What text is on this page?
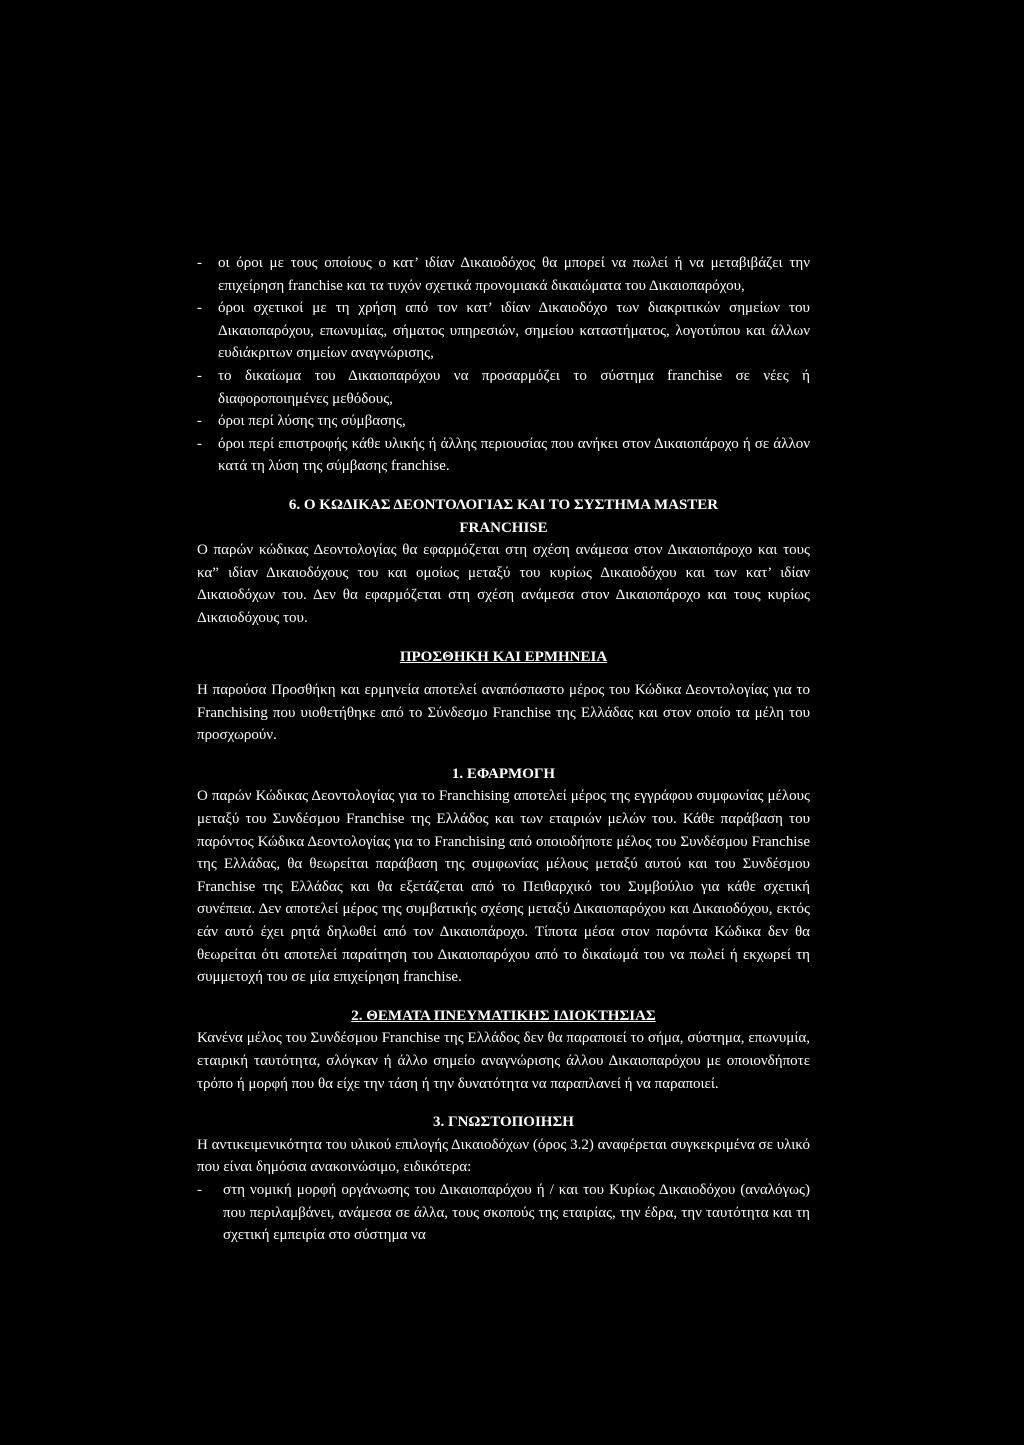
- οι όροι με τους οποίους ο κατ’ ιδίαν Δικαιοδόχος θα μπορεί να πωλεί ή να μεταβιβάζει την επιχείρηση franchise και τα τυχόν σχετικά προνομιακά δικαιώματα του Δικαιοπαρόχου,
- όροι σχετικοί με τη χρήση από τον κατ’ ιδίαν Δικαιοδόχο των διακριτικών σημείων του Δικαιοπαρόχου, επωνυμίας, σήματος υπηρεσιών, σημείου καταστήματος, λογοτύπου και άλλων ευδιάκριτων σημείων αναγνώρισης,
- το δικαίωμα του Δικαιοπαρόχου να προσαρμόζει το σύστημα franchise σε νέες ή διαφοροποιημένες μεθόδους,
- όροι περί λύσης της σύμβασης,
- όροι περί επιστροφής κάθε υλικής ή άλλης περιουσίας που ανήκει στον Δικαιοπάροχο ή σε άλλον κατά τη λύση της σύμβασης franchise.

6. Ο ΚΩΔΙΚΑΣ ΔΕΟΝΤΟΛΟΓΙΑΣ ΚΑΙ ΤΟ ΣΥΣΤΗΜΑ MASTER
FRANCHISE

Ο παρών κώδικας Δεοντολογίας θα εφαρμόζεται στη σχέση ανάμεσα στον Δικαιοπάροχο και τους κα” ιδίαν Δικαιοδόχους του και ομοίως μεταξύ του κυρίως Δικαιοδόχου και των κατ’ ιδίαν Δικαιοδόχων του. Δεν θα εφαρμόζεται στη σχέση ανάμεσα στον Δικαιοπάροχο και τους κυρίως Δικαιοδόχους του.

ΠΡΟΣΘΗΚΗ ΚΑΙ ΕΡΜΗΝΕΙΑ

Η παρούσα Προσθήκη και ερμηνεία αποτελεί αναπόσπαστο μέρος του Κώδικα Δεοντολογίας για το Franchising που υιοθετήθηκε από το Σύνδεσμο Franchise της Ελλάδας και στον οποίο τα μέλη του προσχωρούν.

1. ΕΦΑΡΜΟΓΗ

Ο παρών Κώδικας Δεοντολογίας για το Franchising αποτελεί μέρος της εγγράφου συμφωνίας μέλους μεταξύ του Συνδέσμου Franchise της Ελλάδος και των εταιριών μελών του. Κάθε παράβαση του παρόντος Κώδικα Δεοντολογίας για το Franchising από οποιοδήποτε μέλος του Συνδέσμου Franchise της Ελλάδας, θα θεωρείται παράβαση της συμφωνίας μέλους μεταξύ αυτού και του Συνδέσμου Franchise της Ελλάδας και θα εξετάζεται από το Πειθαρχικό του Συμβούλιο για κάθε σχετική συνέπεια. Δεν αποτελεί μέρος της συμβατικής σχέσης μεταξύ Δικαιοπαρόχου και Δικαιοδόχου, εκτός εάν αυτό έχει ρητά δηλωθεί από τον Δικαιοπάροχο. Τίποτα μέσα στον παρόντα Κώδικα δεν θα θεωρείται ότι αποτελεί παραίτηση του Δικαιοπαρόχου από το δικαίωμά του να πωλεί ή εκχωρεί τη συμμετοχή του σε μία επιχείρηση franchise.

2. ΘΕΜΑΤΑ ΠΝΕΥΜΑΤΙΚΗΣ ΙΔΙΟΚΤΗΣΙΑΣ

Κανένα μέλος του Συνδέσμου Franchise της Ελλάδος δεν θα παραποιεί το σήμα, σύστημα, επωνυμία, εταιρική ταυτότητα, σλόγκαν ή άλλο σημείο αναγνώρισης άλλου Δικαιοπαρόχου με οποιονδήποτε τρόπο ή μορφή που θα είχε την τάση ή την δυνατότητα να παραπλανεί ή να παραποιεί.

3. ΓΝΩΣΤΟΠΟΙΗΣΗ

Η αντικειμενικότητα του υλικού επιλογής Δικαιοδόχων (όρος 3.2) αναφέρεται συγκεκριμένα σε υλικό που είναι δημόσια ανακοινώσιμο, ειδικότερα:

- στη νομική μορφή οργάνωσης του Δικαιοπαρόχου ή / και του Κυρίως Δικαιοδόχου (αναλόγως) που περιλαμβάνει, ανάμεσα σε άλλα, τους σκοπούς της εταιρίας, την έδρα, την ταυτότητα και τη σχετική εμπειρία στο σύστημα να
